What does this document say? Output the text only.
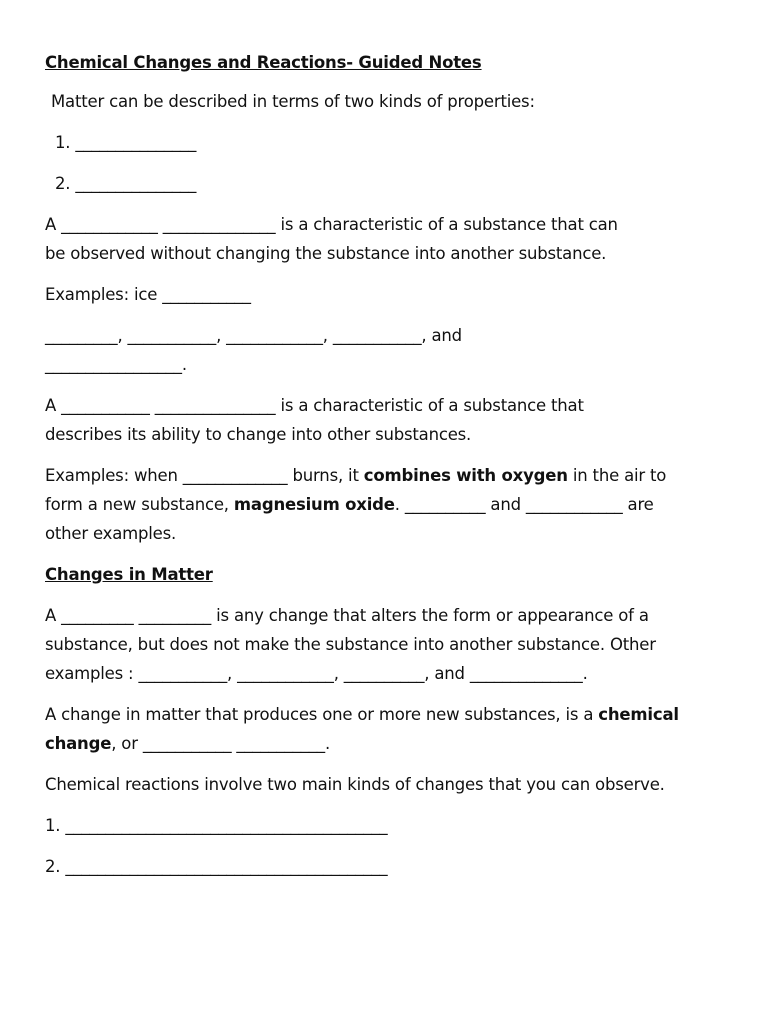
Chemical Changes and Reactions- Guided Notes
Matter can be described in terms of two kinds of properties:
1. _______________
2. _______________
A ____________ ______________ is a characteristic of a substance that can
be observed without changing the substance into another substance.
Examples: ice ___________
_________, ___________, ____________, ___________, and
_________________.
A ___________ _______________ is a characteristic of a substance that
describes its ability to change into other substances.
Examples: when _____________ burns, it combines with oxygen in the air to
form a new substance, magnesium oxide. __________ and ____________ are
other examples.
Changes in Matter
A _________ _________ is any change that alters the form or appearance of a
substance, but does not make the substance into another substance. Other
examples : ___________, ____________, __________, and ______________.
A change in matter that produces one or more new substances, is a chemical
change, or ___________ ___________.
Chemical reactions involve two main kinds of changes that you can observe.
1. ________________________________________
2. ________________________________________
